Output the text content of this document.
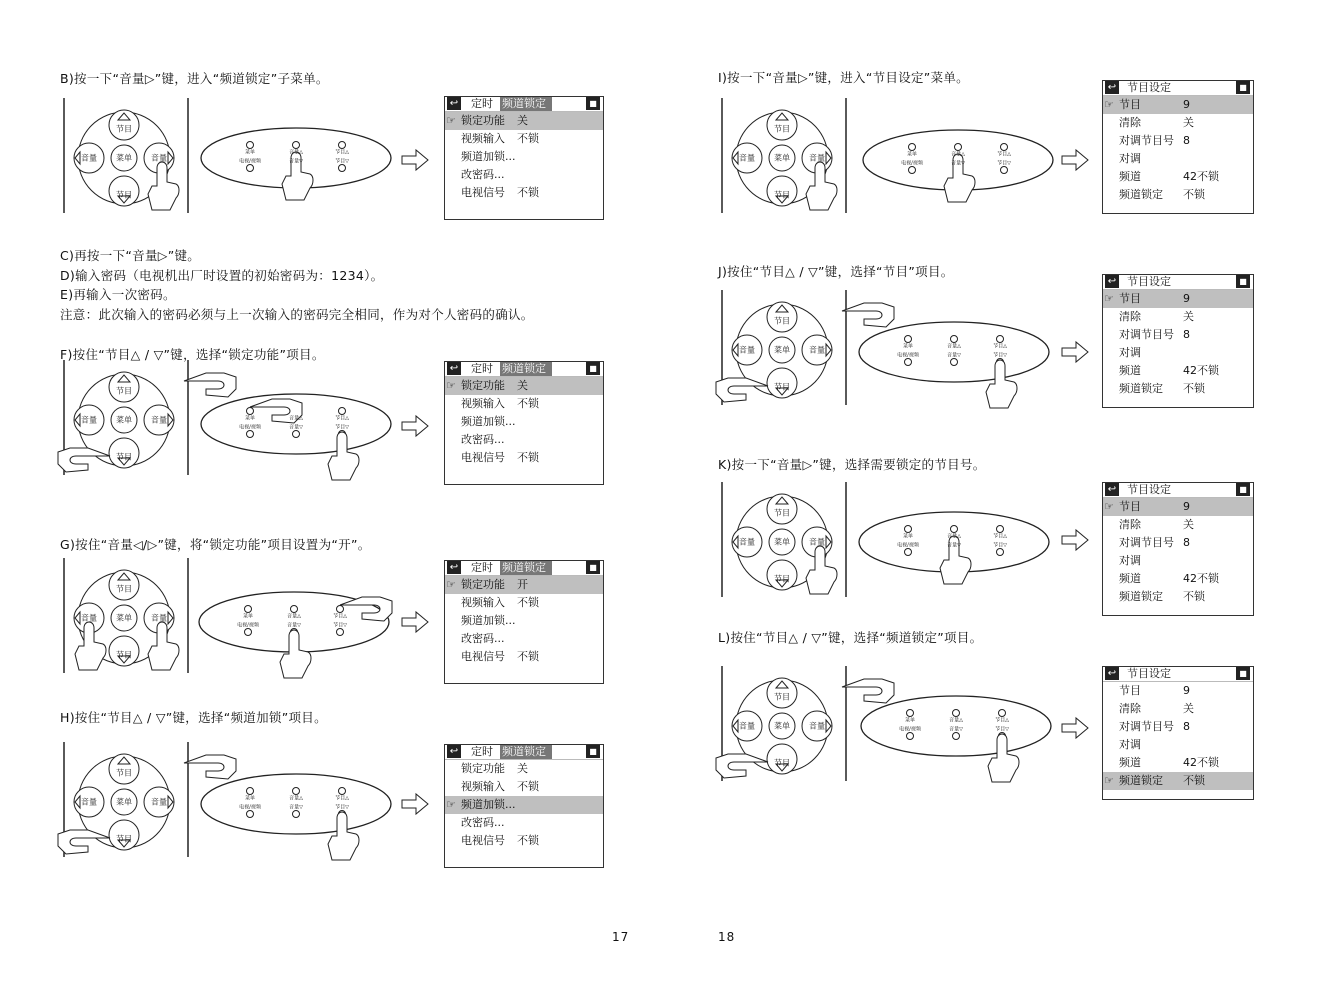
B)按一下“音量▷”键，进入“频道锁定”子菜单。
C)再按一下“音量▷”键。
D)输入密码（电视机出厂时设置的初始密码为：1234）。
E)再输入一次密码。
注意：此次输入的密码必须与上一次输入的密码完全相同，作为对个人密码的确认。
F)按住“节目△ / ▽”键，选择“锁定功能”项目。
G)按住“音量◁/▷”键，将“锁定功能”项目设置为“开”。
H)按住“节目△ / ▽”键，选择“频道加锁”项目。
17
I)按一下“音量▷”键，进入“节目设定”菜单。
J)按住“节目△ / ▽”键，选择“节目”项目。
K)按一下“音量▷”键，选择需要锁定的节目号。
L)按住“节目△ / ▽”键，选择“频道锁定”项目。
18
节目
节目
音量	音量
菜单
节目
节目
音量	音量
菜单
节目
节目
音量	音量
菜单
节目
节目
音量	音量
菜单
节目
节目
音量	音量
菜单
节目
节目
音量	音量
菜单
节目
节目
音量	音量
菜单
节目
节目
音量	音量
菜单
菜单
电视/视频	音量▽
节目△
节目▽
音量△
菜单
电视/视频	音量▽
节目△
节目▽
音量△
菜单
电视/视频	音量▽
节目△
节目▽
音量△
菜单
电视/视频	音量▽
节目△
节目▽
音量△
菜单
电视/视频	音量▽
节目△
节目▽
音量△
菜单
电视/视频	音量▽
节目△
节目▽
音量△
菜单
电视/视频	音量▽
节目△
节目▽
音量△
菜单
电视/视频	音量▽
节目△
节目▽
音量△
↩ 定时 频道锁定	■
☞ 锁定功能 关
视频输入 不锁
频道加锁...
改密码...
电视信号 不锁
↩ 定时 频道锁定	■
☞ 锁定功能 关
视频输入 不锁
频道加锁...
改密码...
电视信号 不锁
↩ 定时 频道锁定	■
☞ 锁定功能 开
视频输入 不锁
频道加锁...
改密码...
电视信号 不锁
↩ 定时 频道锁定	■
锁定功能 关
视频输入 不锁
☞ 频道加锁...
改密码...
电视信号 不锁
↩ 节目设定	■
☞ 节目	9
清除	关
对调节目号 8
对调
频道	42不锁
频道锁定 不锁
↩ 节目设定	■
☞ 节目	9
清除	关
对调节目号 8
对调
频道	42不锁
频道锁定 不锁
↩ 节目设定	■
☞ 节目	9
清除	关
对调节目号 8
对调
频道	42不锁
频道锁定 不锁
↩ 节目设定	■
节目	9
清除	关
对调节目号 8
对调
频道	42不锁
☞ 频道锁定 不锁
